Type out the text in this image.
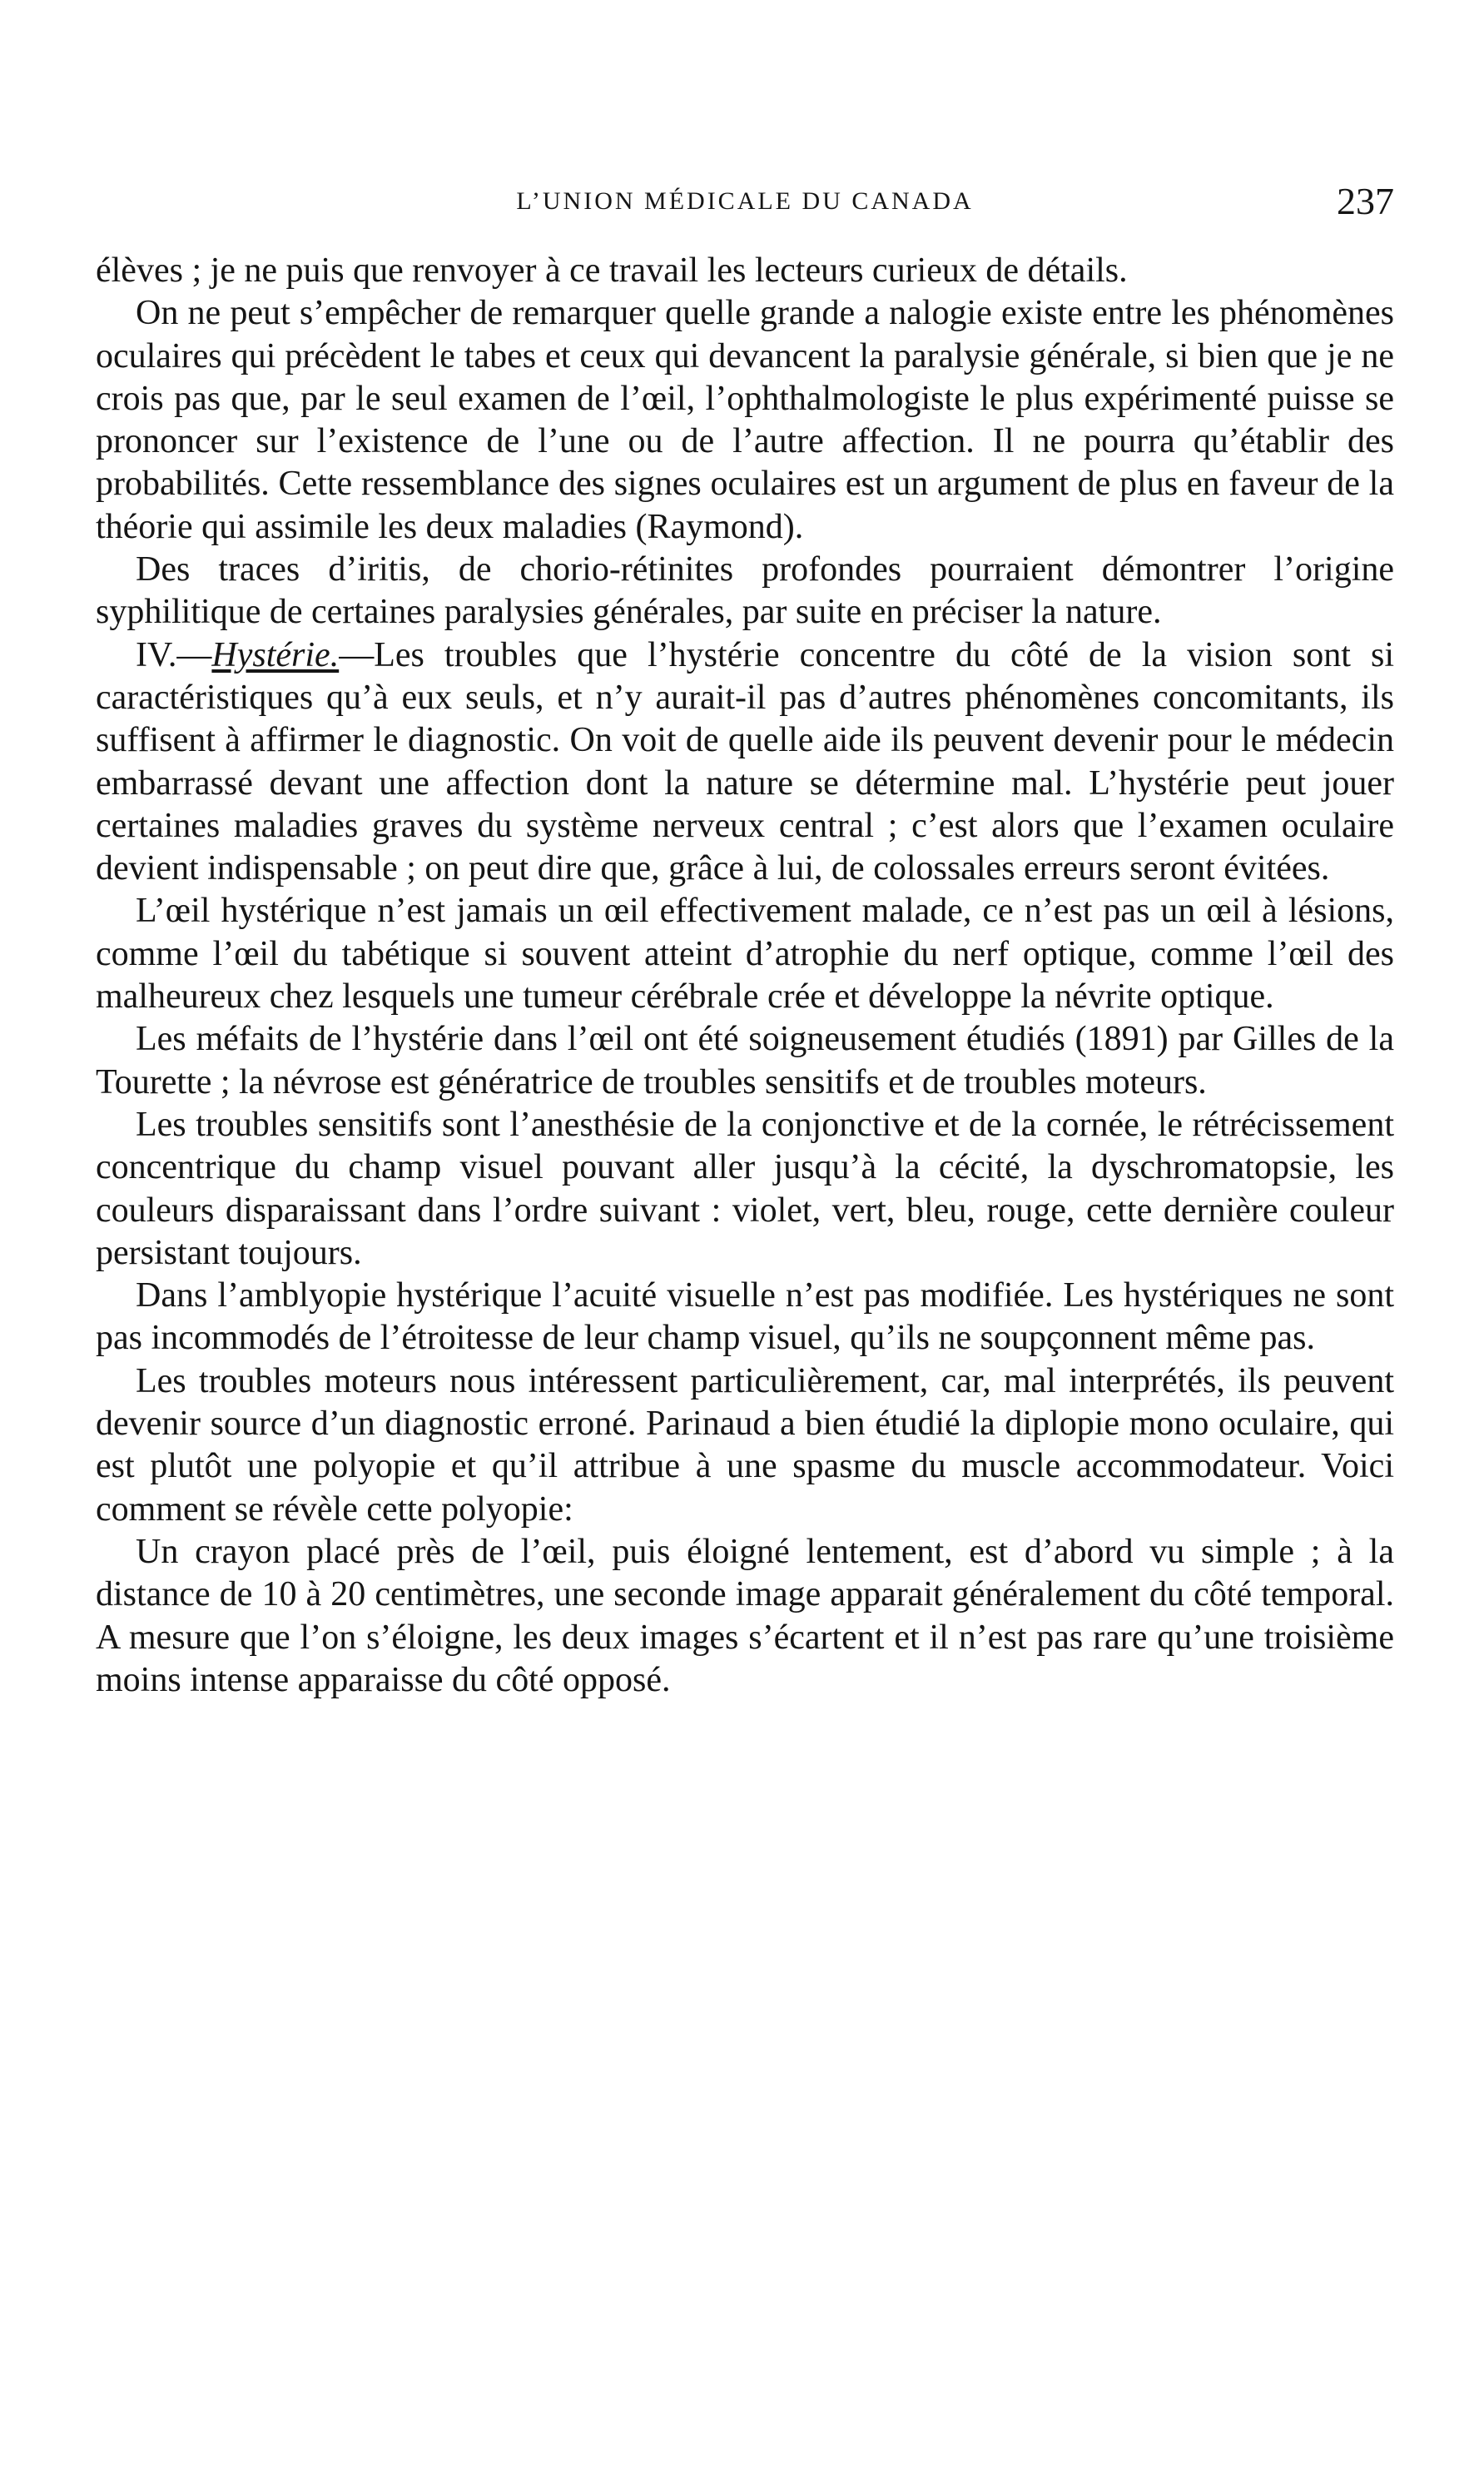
L’UNION MÉDICALE DU CANADA	237

élèves ; je ne puis que renvoyer à ce travail les lecteurs curieux de détails.

On ne peut s’empêcher de remarquer quelle grande a nalogie existe entre les phénomènes oculaires qui précèdent le tabes et ceux qui devancent la paralysie générale, si bien que je ne crois pas que, par le seul examen de l’œil, l’ophthalmologiste le plus expérimenté puisse se prononcer sur l’existence de l’une ou de l’autre affection. Il ne pourra qu’établir des probabilités. Cette ressemblance des signes oculaires est un argument de plus en faveur de la théorie qui assimile les deux maladies (Raymond).

Des traces d’iritis, de chorio-rétinites profondes pourraient démontrer l’origine syphilitique de certaines paralysies générales, par suite en préciser la nature.

IV.—Hystérie.—Les troubles que l’hystérie concentre du côté de la vision sont si caractéristiques qu’à eux seuls, et n’y aurait-il pas d’autres phénomènes concomitants, ils suffisent à affirmer le diagnostic. On voit de quelle aide ils peuvent devenir pour le médecin embarrassé devant une affection dont la nature se détermine mal. L’hystérie peut jouer certaines maladies graves du système nerveux central ; c’est alors que l’examen oculaire devient indispensable ; on peut dire que, grâce à lui, de colossales erreurs seront évitées.

L’œil hystérique n’est jamais un œil effectivement malade, ce n’est pas un œil à lésions, comme l’œil du tabétique si souvent atteint d’atrophie du nerf optique, comme l’œil des malheureux chez lesquels une tumeur cérébrale crée et développe la névrite optique.

Les méfaits de l’hystérie dans l’œil ont été soigneusement étudiés (1891) par Gilles de la Tourette ; la névrose est génératrice de troubles sensitifs et de troubles moteurs.

Les troubles sensitifs sont l’anesthésie de la conjonctive et de la cornée, le rétrécissement concentrique du champ visuel pouvant aller jusqu’à la cécité, la dyschromatopsie, les couleurs disparaissant dans l’ordre suivant : violet, vert, bleu, rouge, cette dernière couleur persistant toujours.

Dans l’amblyopie hystérique l’acuité visuelle n’est pas modifiée. Les hystériques ne sont pas incommodés de l’étroitesse de leur champ visuel, qu’ils ne soupçonnent même pas.

Les troubles moteurs nous intéressent particulièrement, car, mal interprétés, ils peuvent devenir source d’un diagnostic erroné. Parinaud a bien étudié la diplopie mono oculaire, qui est plutôt une polyopie et qu’il attribue à une spasme du muscle accommodateur. Voici comment se révèle cette polyopie:

Un crayon placé près de l’œil, puis éloigné lentement, est d’abord vu simple ; à la distance de 10 à 20 centimètres, une seconde image apparait généralement du côté temporal. A mesure que l’on s’éloigne, les deux images s’écartent et il n’est pas rare qu’une troisième moins intense apparaisse du côté opposé.
